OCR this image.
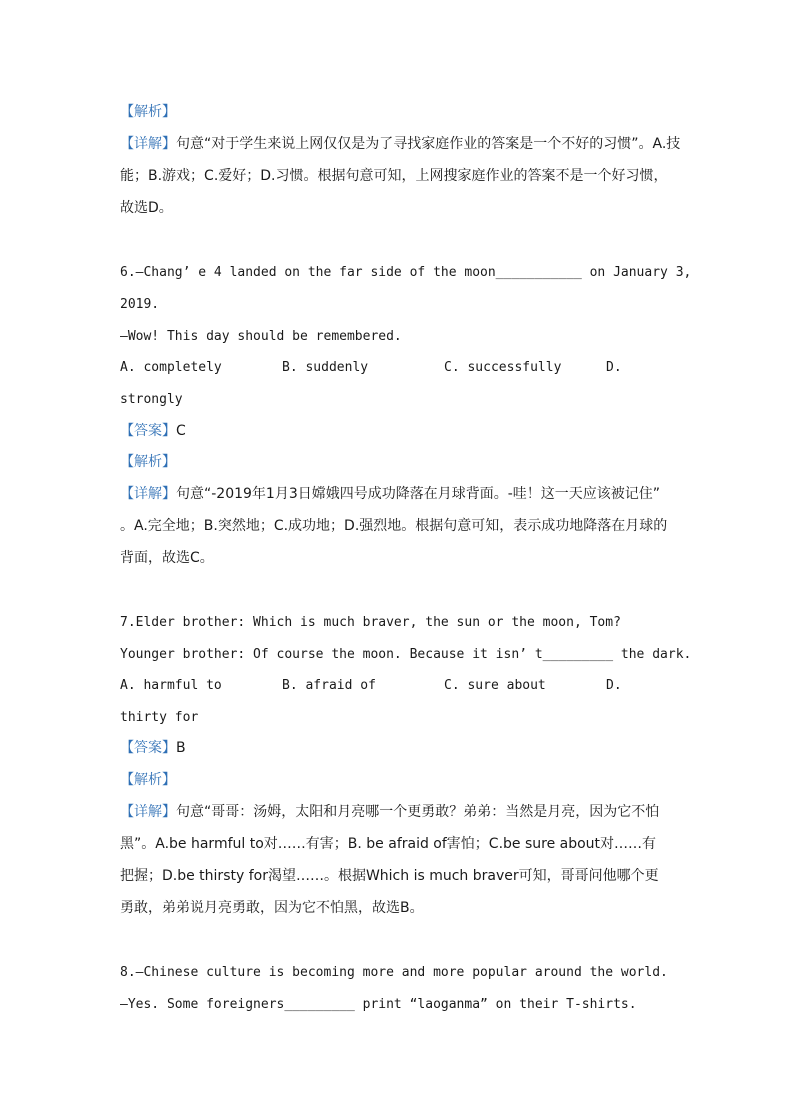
【解析】
【详解】句意“对于学生来说上网仅仅是为了寻找家庭作业的答案是一个不好的习惯”。A.技
能；B.游戏；C.爱好；D.习惯。根据句意可知，上网搜家庭作业的答案不是一个好习惯，
故选D。
6.—Chang’ e 4 landed on the far side of the moon___________ on January 3,
2019.
—Wow! This day should be remembered.
A. completely	B. suddenly	C. successfully	D.
strongly
【答案】C
【解析】
【详解】句意“-2019年1月3日嫦娥四号成功降落在月球背面。-哇！这一天应该被记住”
。A.完全地；B.突然地；C.成功地；D.强烈地。根据句意可知，表示成功地降落在月球的
背面，故选C。
7.Elder brother: Which is much braver, the sun or the moon, Tom?
Younger brother: Of course the moon. Because it isn’ t_________ the dark.
A. harmful to	B. afraid of	C. sure about	D.
thirty for
【答案】B
【解析】
【详解】句意“哥哥：汤姆，太阳和月亮哪一个更勇敢？弟弟：当然是月亮，因为它不怕
黑”。A.be harmful to对……有害；B. be afraid of害怕；C.be sure about对……有
把握；D.be thirsty for渴望……。根据Which is much braver可知，哥哥问他哪个更
勇敢，弟弟说月亮勇敢，因为它不怕黑，故选B。
8.—Chinese culture is becoming more and more popular around the world.
—Yes. Some foreigners_________ print “laoganma” on their T-shirts.
